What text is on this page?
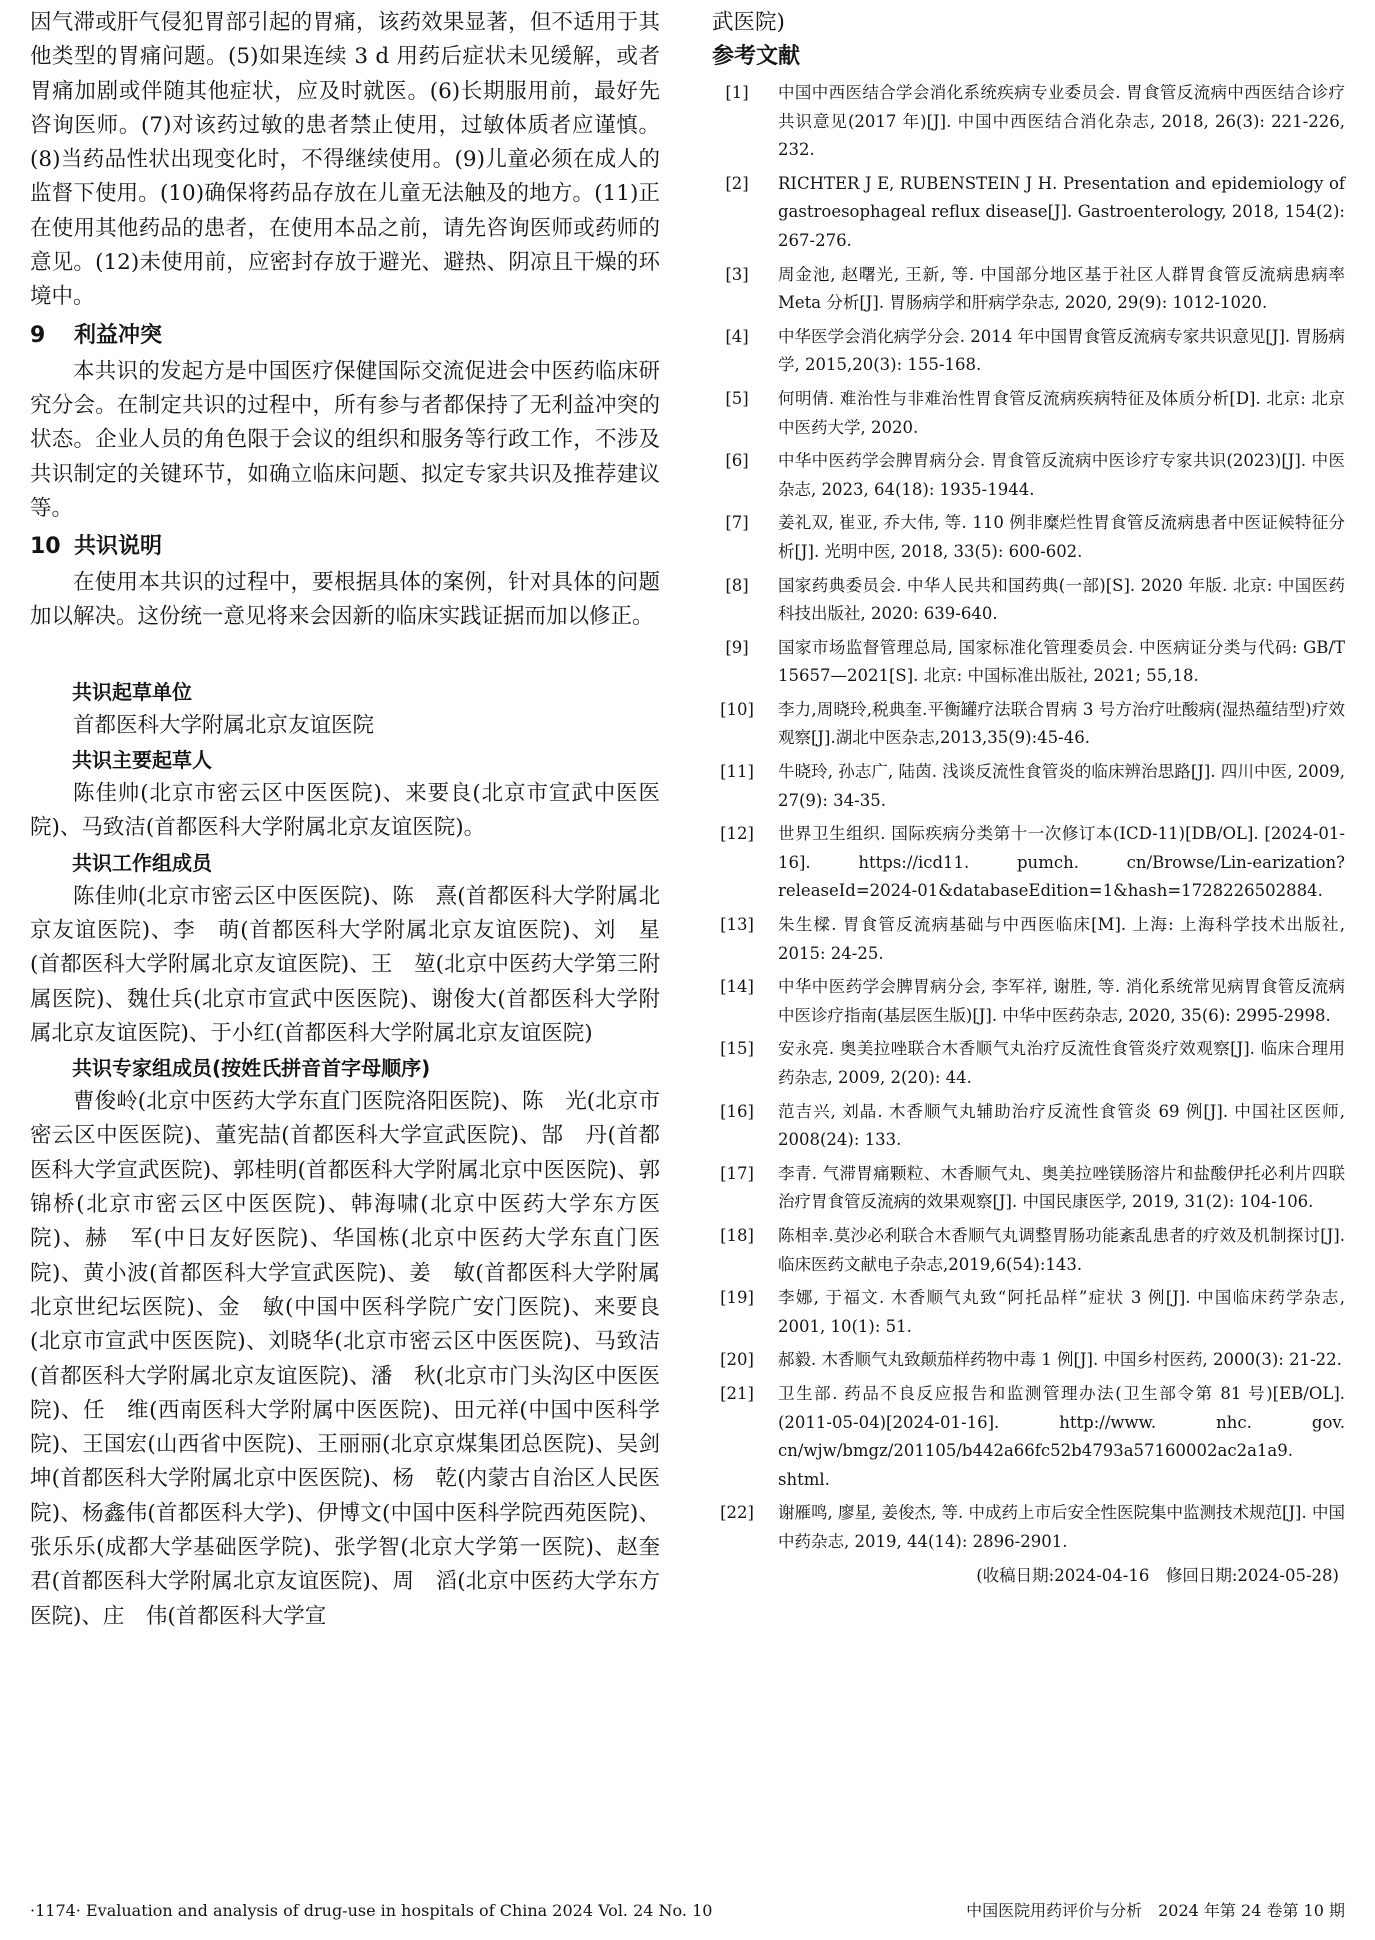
因气滞或肝气侵犯胃部引起的胃痛，该药效果显著，但不适用于其他类型的胃痛问题。(5)如果连续 3 d 用药后症状未见缓解，或者胃痛加剧或伴随其他症状，应及时就医。(6)长期服用前，最好先咨询医师。(7)对该药过敏的患者禁止使用，过敏体质者应谨慎。(8)当药品性状出现变化时，不得继续使用。(9)儿童必须在成人的监督下使用。(10)确保将药品存放在儿童无法触及的地方。(11)正在使用其他药品的患者，在使用本品之前，请先咨询医师或药师的意见。(12)未使用前，应密封存放于避光、避热、阴凉且干燥的环境中。

9 利益冲突

本共识的发起方是中国医疗保健国际交流促进会中医药临床研究分会。在制定共识的过程中，所有参与者都保持了无利益冲突的状态。企业人员的角色限于会议的组织和服务等行政工作，不涉及共识制定的关键环节，如确立临床问题、拟定专家共识及推荐建议等。

10 共识说明

在使用本共识的过程中，要根据具体的案例，针对具体的问题加以解决。这份统一意见将来会因新的临床实践证据而加以修正。

共识起草单位

首都医科大学附属北京友谊医院

共识主要起草人

陈佳帅(北京市密云区中医医院)、来要良(北京市宣武中医医院)、马致洁(首都医科大学附属北京友谊医院)。

共识工作组成员

陈佳帅(北京市密云区中医医院)、陈　熹(首都医科大学附属北京友谊医院)、李　萌(首都医科大学附属北京友谊医院)、刘　星(首都医科大学附属北京友谊医院)、王　堃(北京中医药大学第三附属医院)、魏仕兵(北京市宣武中医医院)、谢俊大(首都医科大学附属北京友谊医院)、于小红(首都医科大学附属北京友谊医院)

共识专家组成员(按姓氏拼音首字母顺序)

曹俊岭(北京中医药大学东直门医院洛阳医院)、陈　光(北京市密云区中医医院)、董宪喆(首都医科大学宣武医院)、郜　丹(首都医科大学宣武医院)、郭桂明(首都医科大学附属北京中医医院)、郭锦桥(北京市密云区中医医院)、韩海啸(北京中医药大学东方医院)、赫　军(中日友好医院)、华国栋(北京中医药大学东直门医院)、黄小波(首都医科大学宣武医院)、姜　敏(首都医科大学附属北京世纪坛医院)、金　敏(中国中医科学院广安门医院)、来要良(北京市宣武中医医院)、刘晓华(北京市密云区中医医院)、马致洁(首都医科大学附属北京友谊医院)、潘　秋(北京市门头沟区中医医院)、任　维(西南医科大学附属中医医院)、田元祥(中国中医科学院)、王国宏(山西省中医院)、王丽丽(北京京煤集团总医院)、吴剑坤(首都医科大学附属北京中医医院)、杨　乾(内蒙古自治区人民医院)、杨鑫伟(首都医科大学)、伊博文(中国中医科学院西苑医院)、张乐乐(成都大学基础医学院)、张学智(北京大学第一医院)、赵奎君(首都医科大学附属北京友谊医院)、周　滔(北京中医药大学东方医院)、庄　伟(首都医科大学宣

武医院)

参考文献
[1]	中国中西医结合学会消化系统疾病专业委员会. 胃食管反流病中西医结合诊疗共识意见(2017 年)[J]. 中国中西医结合消化杂志, 2018, 26(3): 221-226, 232.
[2]	RICHTER J E, RUBENSTEIN J H. Presentation and epidemiology of gastroesophageal reflux disease[J]. Gastroenterology, 2018, 154(2): 267-276.
[3]	周金池, 赵曙光, 王新, 等. 中国部分地区基于社区人群胃食管反流病患病率 Meta 分析[J]. 胃肠病学和肝病学杂志, 2020, 29(9): 1012-1020.
[4]	中华医学会消化病学分会. 2014 年中国胃食管反流病专家共识意见[J]. 胃肠病学, 2015,20(3): 155-168.
[5]	何明倩. 难治性与非难治性胃食管反流病疾病特征及体质分析[D]. 北京: 北京中医药大学, 2020.
[6]	中华中医药学会脾胃病分会. 胃食管反流病中医诊疗专家共识(2023)[J]. 中医杂志, 2023, 64(18): 1935-1944.
[7]	姜礼双, 崔亚, 乔大伟, 等. 110 例非糜烂性胃食管反流病患者中医证候特征分析[J]. 光明中医, 2018, 33(5): 600-602.
[8]	国家药典委员会. 中华人民共和国药典(一部)[S]. 2020 年版. 北京: 中国医药科技出版社, 2020: 639-640.
[9]	国家市场监督管理总局, 国家标准化管理委员会. 中医病证分类与代码: GB/T 15657—2021[S]. 北京: 中国标准出版社, 2021; 55,18.
[10]	李力,周晓玲,税典奎.平衡罐疗法联合胃病 3 号方治疗吐酸病(湿热蕴结型)疗效观察[J].湖北中医杂志,2013,35(9):45-46.
[11]	牛晓玲, 孙志广, 陆茵. 浅谈反流性食管炎的临床辨治思路[J]. 四川中医, 2009, 27(9): 34-35.
[12]	世界卫生组织. 国际疾病分类第十一次修订本(ICD-11)[DB/OL]. [2024-01-16]. https://icd11. pumch. cn/Browse/Lin-earization?releaseId=2024-01&databaseEdition=1&hash=1728226502884.
[13]	朱生樑. 胃食管反流病基础与中西医临床[M]. 上海: 上海科学技术出版社, 2015: 24-25.
[14]	中华中医药学会脾胃病分会, 李军祥, 谢胜, 等. 消化系统常见病胃食管反流病中医诊疗指南(基层医生版)[J]. 中华中医药杂志, 2020, 35(6): 2995-2998.
[15]	安永亮. 奥美拉唑联合木香顺气丸治疗反流性食管炎疗效观察[J]. 临床合理用药杂志, 2009, 2(20): 44.
[16]	范吉兴, 刘晶. 木香顺气丸辅助治疗反流性食管炎 69 例[J]. 中国社区医师, 2008(24): 133.
[17]	李青. 气滞胃痛颗粒、木香顺气丸、奥美拉唑镁肠溶片和盐酸伊托必利片四联治疗胃食管反流病的效果观察[J]. 中国民康医学, 2019, 31(2): 104-106.
[18]	陈相幸.莫沙必利联合木香顺气丸调整胃肠功能紊乱患者的疗效及机制探讨[J].临床医药文献电子杂志,2019,6(54):143.
[19]	李娜, 于福文. 木香顺气丸致“阿托品样”症状 3 例[J]. 中国临床药学杂志, 2001, 10(1): 51.
[20]	郝毅. 木香顺气丸致颠茄样药物中毒 1 例[J]. 中国乡村医药, 2000(3): 21-22.
[21]	卫生部. 药品不良反应报告和监测管理办法(卫生部令第 81 号)[EB/OL]. (2011-05-04)[2024-01-16]. http://www. nhc. gov. cn/wjw/bmgz/201105/b442a66fc52b4793a57160002ac2a1a9. shtml.
[22]	谢雁鸣, 廖星, 姜俊杰, 等. 中成药上市后安全性医院集中监测技术规范[J]. 中国中药杂志, 2019, 44(14): 2896-2901.

(收稿日期:2024-04-16　修回日期:2024-05-28)

·1174· Evaluation and analysis of drug-use in hospitals of China 2024 Vol. 24 No. 10	中国医院用药评价与分析　2024 年第 24 卷第 10 期
